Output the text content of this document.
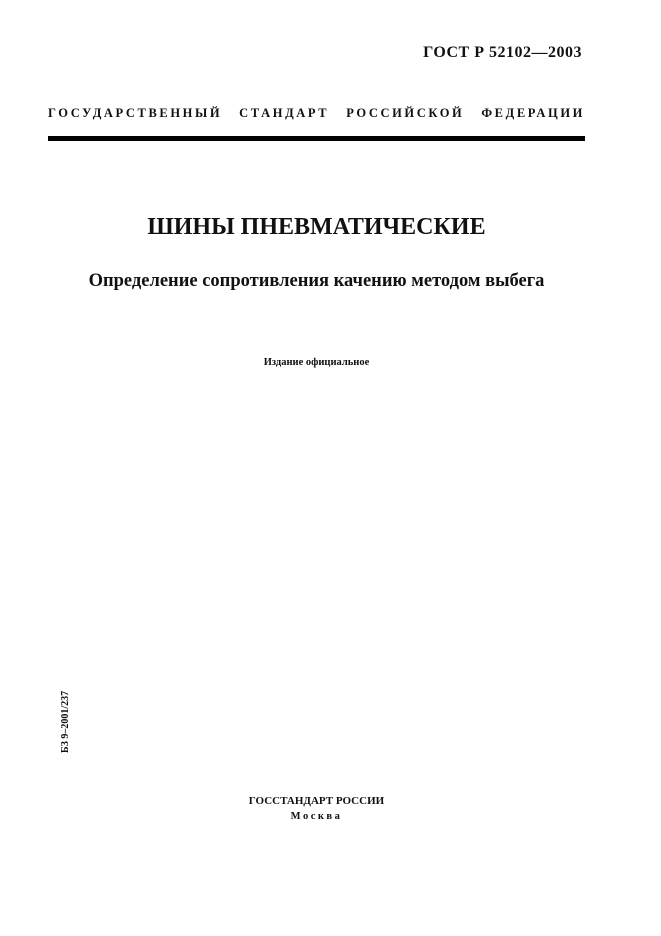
ГОСТ Р 52102—2003
ГОСУДАРСТВЕННЫЙ СТАНДАРТ РОССИЙСКОЙ ФЕДЕРАЦИИ
ШИНЫ ПНЕВМАТИЧЕСКИЕ
Определение сопротивления качению методом выбега
Издание официальное
БЗ 9–2001/237
ГОССТАНДАРТ РОССИИ
Москва
